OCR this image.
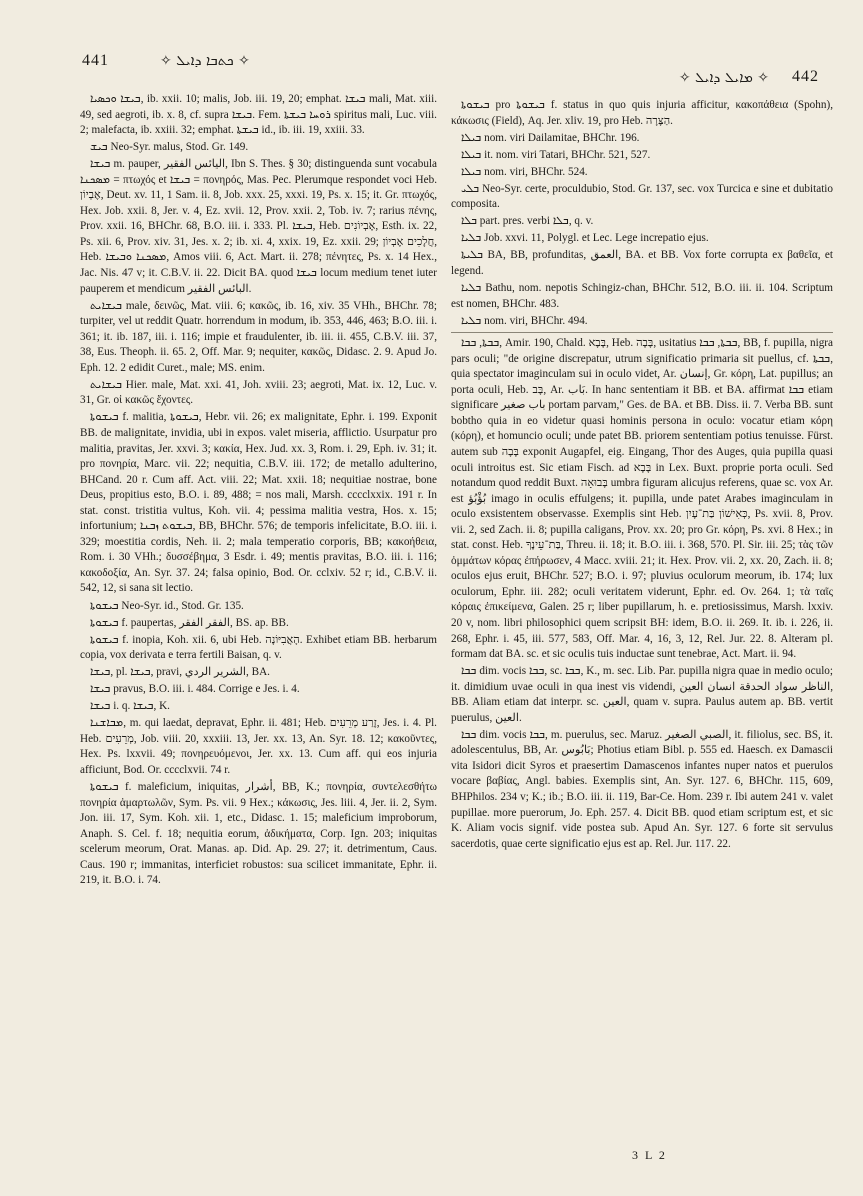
441	✧ ܟܬܒܐ ܕܐܝܠ ✧
✧ ܡܐܝܠ ܕܐܝܠ ✧ 442

ܒܝܫܐ ܘܟܣܝܐ, ib. xxii. 10; malis, Job. iii. 19, 20; emphat. ܒܝܫܐ mali, Mat. xiii. 49, sed aegroti, ib. x. 8, cf. supra ܒܝܫܐ. Fem. ܪܘܚܐ ܒܝܫܬܐ spiritus mali, Luc. viii. 2; malefacta, ib. xxiii. 32; emphat. ܒܝܫܬܐ id., ib. iii. 19, xxiii. 33.

ܒܝܫ Neo-Syr. malus, Stod. Gr. 149.

ܒܝܫܐ m. pauper, اليائس الفقير, Ibn S. Thes. § 30; distinguenda sunt vocabula ܡܣܟܢܐ = πτωχός et ܒܝܫܐ = πονηρός, Mas. Pec. Plerumque respondet voci Heb. אֶבְיוֹן, Deut. xv. 11, 1 Sam. ii. 8, Job. xxx. 25, xxxi. 19, Ps. x. 15; it. Gr. πτωχός, Hex. Job. xxii. 8, Jer. v. 4, Ez. xvii. 12, Prov. xxii. 2, Tob. iv. 7; rarius πένης, Prov. xxii. 16, BHChr. 68, B.O. iii. i. 333. Pl. ܒܝܫܐ, Heb. אֶבְיוֹנִים, Esth. ix. 22, Ps. xii. 6, Prov. xiv. 31, Jes. x. 2; ib. xi. 4, xxix. 19, Ez. xxii. 29; חֲלָכִים אֶבְיוֹן, Heb. ܡܣܟܢܐ ܘܒܝܫܐ, Amos viii. 6, Act. Mart. ii. 278; πένητες, Ps. x. 14 Hex., Jac. Nis. 47 v; it. C.B.V. ii. 22. Dicit BA. quod ܒܝܫܐ locum medium tenet iuter pauperem et mendicum البائس الفقير.

ܒܝܫܐܝܬ male, δεινῶς, Mat. viii. 6; κακῶς, ib. 16, xiv. 35 VHh., BHChr. 78; turpiter, vel ut reddit Quatr. horrendum in modum, ib. 353, 446, 463; B.O. iii. i. 361; it. ib. 187, iii. i. 116; impie et fraudulenter, ib. iii. ii. 455, C.B.V. iii. 37, 38, Eus. Theoph. ii. 65. 2, Off. Mar. 9; nequiter, κακῶς, Didasc. 2. 9. Apud Jo. Eph. 12. 2 edidit Curet., male; MS. enim.

ܒܝܫܐܝܬ Hier. male, Mat. xxi. 41, Joh. xviii. 23; aegroti, Mat. ix. 12, Luc. v. 31, Gr. οἱ κακῶς ἔχοντες.

ܒܝܫܘܬܐ f. malitia, ܒܝܫܘܬܐ, Hebr. vii. 26; ex malignitate, Ephr. i. 199. Exponit BB. de malignitate, invidia, ubi in expos. valet miseria, afflictio. Usurpatur pro malitia, pravitas, Jer. xxvi. 3; κακία, Hex. Jud. xx. 3, Rom. i. 29, Eph. iv. 31; it. pro πονηρία, Marc. vii. 22; nequitia, C.B.V. iii. 172; de metallo adulterino, BHCand. 20 r. Cum aff. Act. viii. 22; Mat. xxii. 18; nequitiae nostrae, bone Deus, propitius esto, B.O. i. 89, 488; = nos mali, Marsh. cccclxxix. 191 r. In stat. const. tristitia vultus, Koh. vii. 4; pessima malitia vestra, Hos. x. 15; infortunium; ܒܝܫܘܬ ܙܒܢܐ, BB, BHChr. 576; de temporis infelicitate, B.O. iii. i. 329; moestitia cordis, Neh. ii. 2; mala temperatio corporis, BB; κακοήθεια, Rom. i. 30 VHh.; δυσσέβημα, 3 Esdr. i. 49; mentis pravitas, B.O. iii. i. 116; κακοδοξία, An. Syr. 37. 24; falsa opinio, Bod. Or. cclxiv. 52 r; id., C.B.V. ii. 542, 12, si sana sit lectio.

ܒܝܫܘܬܐ Neo-Syr. id., Stod. Gr. 135.

ܒܝܫܘܬܐ f. paupertas, الفقر الفقر, BS. ap. BB.

ܒܝܫܘܬܐ f. inopia, Koh. xii. 6, ubi Heb. הָאֲבִיּוֹנָה. Exhibet etiam BB. herbarum copia, vox derivata e terra fertili Baisan, q. v.

ܒܝܫܐ, pl. ܒܝܫܐ, pravi, الشرير الردي, BA.

ܒܝܫܐ pravus, B.O. iii. i. 484. Corrige e Jes. i. 4.

ܒܝܫܐ i. q. ܒܝܫܐ, K.

ܡܒܐܫܢܐ, m. qui laedat, depravat, Ephr. ii. 481; Heb. זֶרַע מְרֵעִים, Jes. i. 4. Pl. Heb. מְרֵעִים, Job. viii. 20, xxxiii. 13, Jer. xx. 13, An. Syr. 18. 12; κακοῦντες, Hex. Ps. lxxvii. 49; πονηρευόμενοι, Jer. xx. 13. Cum aff. qui eos injuria afficiunt, Bod. Or. cccclxvii. 74 r.

ܒܝܫܘܬܐ f. maleficium, iniquitas, أشرار, BB, K.; πονηρία, συντελεσθήτω πονηρία ἁμαρτωλῶν, Sym. Ps. vii. 9 Hex.; κάκωσις, Jes. liii. 4, Jer. ii. 2, Sym. Jon. iii. 17, Sym. Koh. xii. 1, etc., Didasc. 1. 15; maleficium improborum, Anaph. S. Cel. f. 18; nequitia eorum, ἀδικήματα, Corp. Ign. 203; iniquitas scelerum meorum, Orat. Manas. ap. Did. Ap. 29. 27; it. detrimentum, Caus. Caus. 190 r; immanitas, interficiet robustos: sua scilicet immanitate, Ephr. ii. 219, it. B.O. i. 74.

ܒܝܫܘܬܐ pro ܒܝܫܘܬܐ f. status in quo quis injuria afficitur, κακοπάθεια (Spohn), κάκωσις (Field), Aq. Jer. xliv. 19, pro Heb. הַצָּרָה.

ܒܝܠܐ nom. viri Dailamitae, BHChr. 196.

ܒܝܠܐ it. nom. viri Tatari, BHChr. 521, 527.

ܒܝܠܐ nom. viri, BHChr. 524.

ܒܠܝ Neo-Syr. certe, proculdubio, Stod. Gr. 137, sec. vox Turcica e sine et dubitatio composita.

ܒܠܐ part. pres. verbi ܒܠܐ, q. v.

ܒܠܝܐ Job. xxvi. 11, Polygl. et Lec. Lege increpatio ejus.

ܒܠܝܬܐ BA, BB, profunditas, العمق, BA. et BB. Vox forte corrupta ex βαθεῖα, et legend.

ܒܠܝܐ Bathu, nom. nepotis Schingiz-chan, BHChr. 512, B.O. iii. ii. 104. Scriptum est nomen, BHChr. 483.

ܒܠܝܐ nom. viri, BHChr. 494.

ܒܒܬܐ, ܒܒܐ, Amir. 190, Chald. בָּבָא, Heb. בָּבָה, usitatius ܒܒܬܐ, ܒܒܐ, BB, f. pupilla, nigra pars oculi; "de origine discrepatur, utrum significatio primaria sit puellus, cf. ܒܒܬܐ, quia spectator imaginculam sui in oculo videt, Ar. إنسان, Gr. κόρη, Lat. pupillus; an porta oculi, Heb. בָּב, Ar. بَاب. In hanc sententiam it BB. et BA. affirmat ܒܒܐ etiam significare باب صغير portam parvam," Ges. de BA. et BB. Diss. ii. 7. Verba BB. sunt bobtho quia in eo videtur quasi hominis persona in oculo: vocatur etiam κόρη (κόρη), et homuncio oculi; unde patet BB. priorem sententiam potius tenuisse. Fürst. autem sub בָּבָה exponit Augapfel, eig. Eingang, Thor des Auges, quia pupilla quasi oculi introitus est. Sic etiam Fisch. ad בָּבָא in Lex. Buxt. proprie porta oculi. Sed notandum quod reddit Buxt. בָּבוּאָה umbra figuram alicujus referens, quae sc. vox Ar. est بُؤْبُؤ imago in oculis effulgens; it. pupilla, unde patet Arabes imaginculam in oculo exsistentem observasse. Exemplis sint Heb. כְּאִישׁוֹן בַּת־עָיִן, Ps. xvii. 8, Prov. vii. 2, sed Zach. ii. 8; pupilla caligans, Prov. xx. 20; pro Gr. κόρη, Ps. xvi. 8 Hex.; in stat. const. Heb. בַּת־עֵינֶךָ, Threu. ii. 18; it. B.O. iii. i. 368, 570. Pl. Sir. iii. 25; τὰς τῶν ὀμμάτων κόρας ἐπήρωσεν, 4 Macc. xviii. 21; it. Hex. Prov. vii. 2, xx. 20, Zach. ii. 8; oculos ejus eruit, BHChr. 527; B.O. i. 97; pluvius oculorum meorum, ib. 174; lux oculorum, Ephr. iii. 282; oculi veritatem viderunt, Ephr. ed. Ov. 264. 1; τὰ ταῖς κόραις ἐπικείμενα, Galen. 25 r; liber pupillarum, h. e. pretiosissimus, Marsh. lxxiv. 20 v, nom. libri philosophici quem scripsit BH: idem, B.O. ii. 269. It. ib. i. 226, ii. 268, Ephr. i. 45, iii. 577, 583, Off. Mar. 4, 16, 3, 12, Rel. Jur. 22. 8. Alteram pl. formam dat BA. sc. et sic oculis tuis inductae sunt tenebrae, Act. Mart. ii. 94.

ܒܒܐ dim. vocis ܒܒܐ, sc. ܒܒܐ, K., m. sec. Lib. Par. pupilla nigra quae in medio oculo; it. dimidium uvae oculi in qua inest vis videndi, الناظر سواد الحدقة انسان العين, BB. Aliam etiam dat interpr. sc. العين, quam v. supra. Paulus autem ap. BB. vertit puerulus, العين.

ܒܒܐ dim. vocis ܒܒܐ, m. puerulus, sec. Maruz. الصبي الصغير, it. filiolus, sec. BS, it. adolescentulus, BB, Ar. بَابُوس; Photius etiam Bibl. p. 555 ed. Haesch. ex Damascii vita Isidori dicit Syros et praesertim Damascenos infantes nuper natos et puerulos vocare βαβίας, Angl. babies. Exemplis sint, An. Syr. 127. 6, BHChr. 115, 609, BHPhilos. 234 v; K.; ib.; B.O. iii. ii. 119, Bar-Ce. Hom. 239 r. Ibi autem 241 v. valet pupillae. more puerorum, Jo. Eph. 257. 4. Dicit BB. quod etiam scriptum est, et sic K. Aliam vocis signif. vide postea sub. Apud An. Syr. 127. 6 forte sit servulus sacerdotis, quae certe significatio ejus est ap. Rel. Jur. 117. 22.

3 L 2
